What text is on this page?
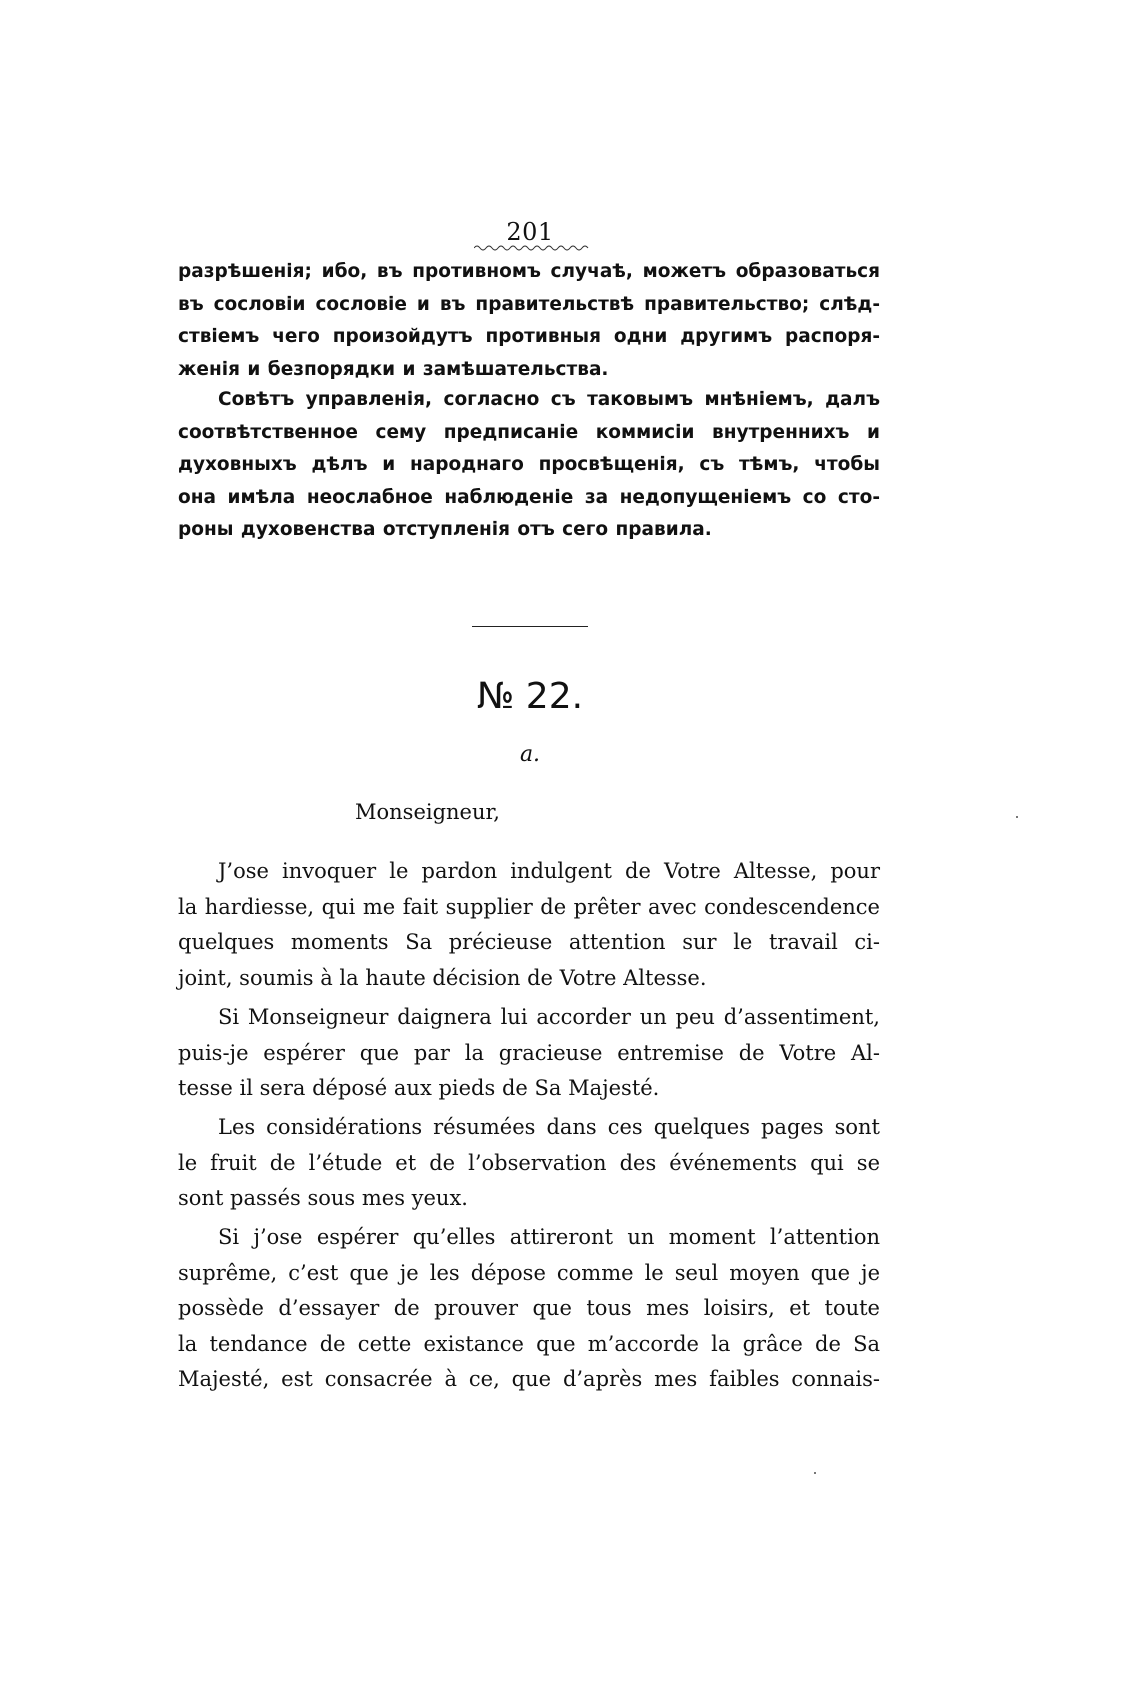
201
разрѣшенія; ибо, въ противномъ случаѣ, можетъ образоваться
въ сословіи сословіе и въ правительствѣ правительство; слѣд-
ствіемъ чего произойдутъ противныя одни другимъ распоря-
женія и безпорядки и замѣшательства.
Совѣтъ управленія, согласно съ таковымъ мнѣніемъ, далъ
соотвѣтственное сему предписаніе коммисіи внутреннихъ и
духовныхъ дѣлъ и народнаго просвѣщенія, съ тѣмъ, чтобы
она имѣла неослабное наблюденіе за недопущеніемъ со сто-
роны духовенства отступленія отъ сего правила.
№ 22.
a.
Monseigneur,
J’ose invoquer le pardon indulgent de Votre Altesse, pour
la hardiesse, qui me fait supplier de prêter avec condescendence
quelques moments Sa précieuse attention sur le travail ci-
joint, soumis à la haute décision de Votre Altesse.
Si Monseigneur daignera lui accorder un peu d’assentiment,
puis-je espérer que par la gracieuse entremise de Votre Al-
tesse il sera déposé aux pieds de Sa Majesté.
Les considérations résumées dans ces quelques pages sont
le fruit de l’étude et de l’observation des événements qui se
sont passés sous mes yeux.
Si j’ose espérer qu’elles attireront un moment l’attention
suprême, c’est que je les dépose comme le seul moyen que je
possède d’essayer de prouver que tous mes loisirs, et toute
la tendance de cette existance que m’accorde la grâce de Sa
Majesté, est consacrée à ce, que d’après mes faibles connais-
